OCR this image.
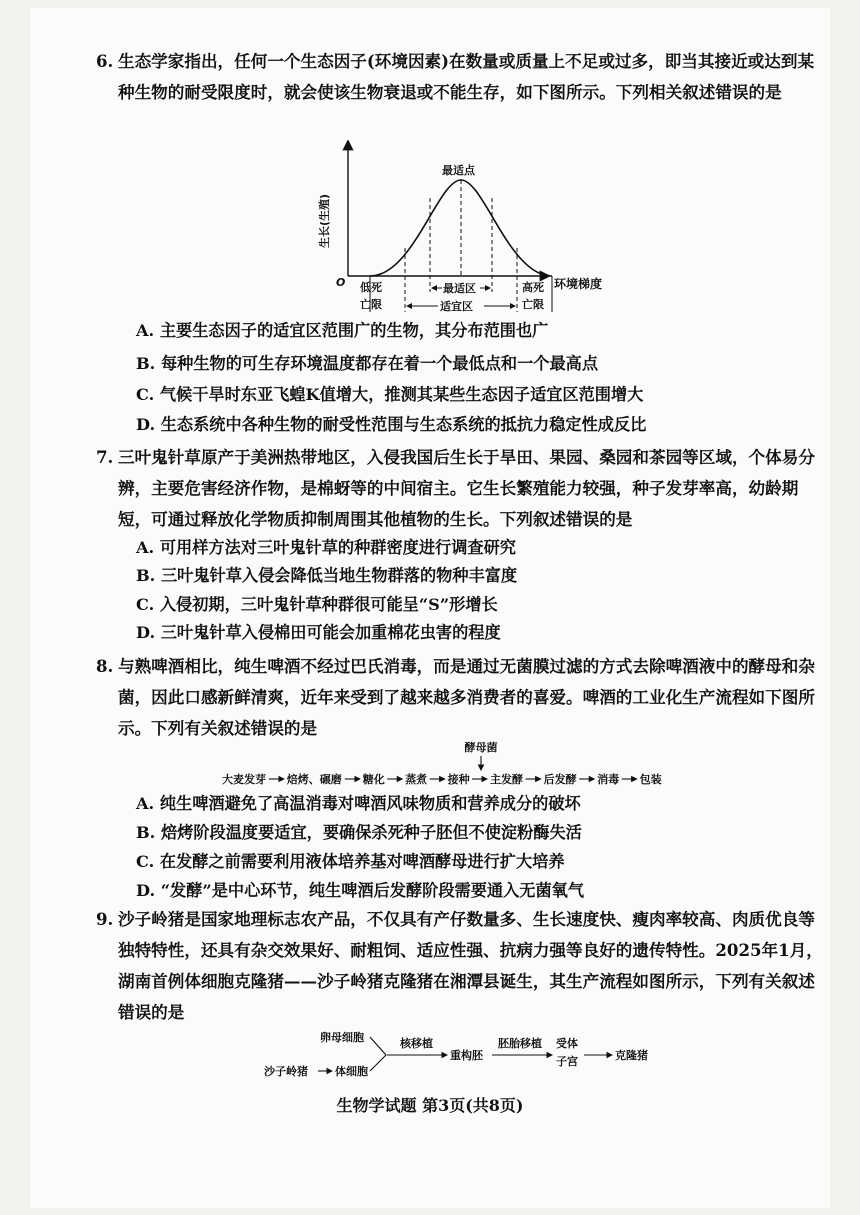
6. 生态学家指出，任何一个生态因子(环境因素)在数量或质量上不足或过多，即当其接近或达到某种生物的耐受限度时，就会使该生物衰退或不能生存，如下图所示。下列相关叙述错误的是
生长(生殖)
O	环境梯度
最适点
低死
亡限
高死
亡限
最适区
适宜区
A. 主要生态因子的适宜区范围广的生物，其分布范围也广
B. 每种生物的可生存环境温度都存在着一个最低点和一个最高点
C. 气候干旱时东亚飞蝗K值增大，推测其某些生态因子适宜区范围增大
D. 生态系统中各种生物的耐受性范围与生态系统的抵抗力稳定性成反比
7. 三叶鬼针草原产于美洲热带地区，入侵我国后生长于旱田、果园、桑园和茶园等区域，个体易分辨，主要危害经济作物，是棉蚜等的中间宿主。它生长繁殖能力较强，种子发芽率高，幼龄期短，可通过释放化学物质抑制周围其他植物的生长。下列叙述错误的是
A. 可用样方法对三叶鬼针草的种群密度进行调查研究
B. 三叶鬼针草入侵会降低当地生物群落的物种丰富度
C. 入侵初期，三叶鬼针草种群很可能呈“S”形增长
D. 三叶鬼针草入侵棉田可能会加重棉花虫害的程度
8. 与熟啤酒相比，纯生啤酒不经过巴氏消毒，而是通过无菌膜过滤的方式去除啤酒液中的酵母和杂菌，因此口感新鲜清爽，近年来受到了越来越多消费者的喜爱。啤酒的工业化生产流程如下图所示。下列有关叙述错误的是
酵母菌
大麦发芽 焙烤、碾磨 糖化 蒸煮 接种 主发酵 后发酵 消毒 包装
A. 纯生啤酒避免了高温消毒对啤酒风味物质和营养成分的破坏
B. 焙烤阶段温度要适宜，要确保杀死种子胚但不使淀粉酶失活
C. 在发酵之前需要利用液体培养基对啤酒酵母进行扩大培养
D. “发酵”是中心环节，纯生啤酒后发酵阶段需要通入无菌氧气
9. 沙子岭猪是国家地理标志农产品，不仅具有产仔数量多、生长速度快、瘦肉率较高、肉质优良等独特特性，还具有杂交效果好、耐粗饲、适应性强、抗病力强等良好的遗传特性。2025年1月，湖南首例体细胞克隆猪——沙子岭猪克隆猪在湘潭县诞生，其生产流程如图所示，下列有关叙述错误的是
卵母细胞
沙子岭猪 体细胞
核移植
重构胚
胚胎移植 受体
子宫	克隆猪
生物学试题 第3页(共8页)
